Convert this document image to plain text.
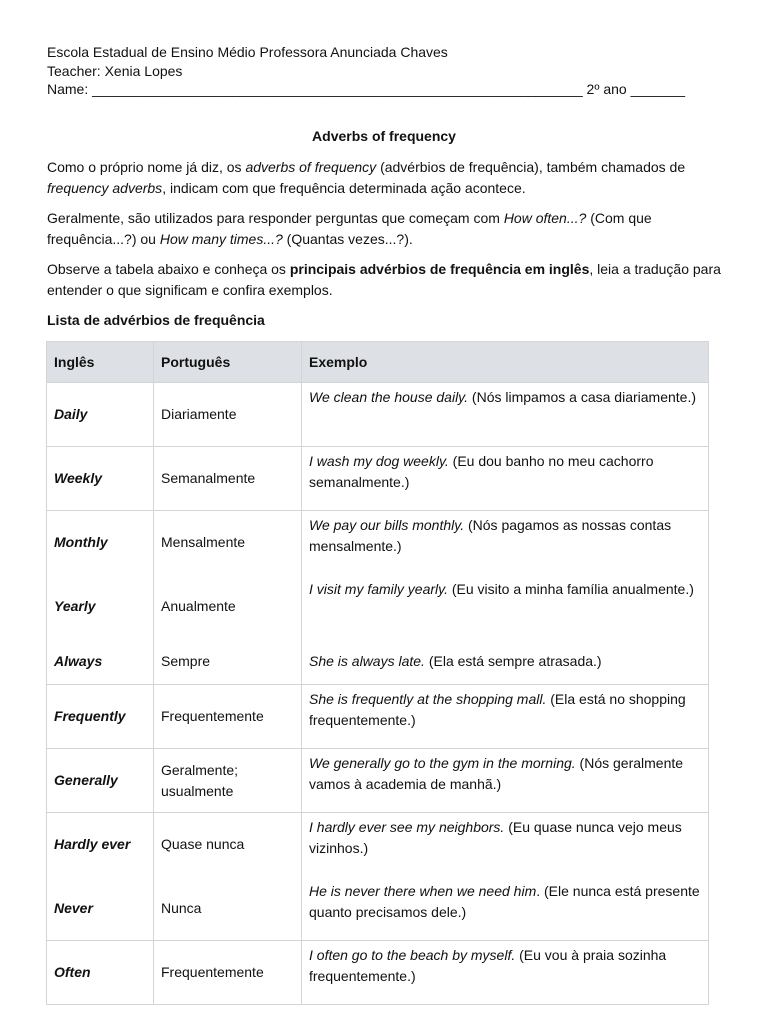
Escola Estadual de Ensino Médio Professora Anunciada Chaves
Teacher: Xenia Lopes
Name: _______________________________________________________________ 2º ano _______
Adverbs of frequency
Como o próprio nome já diz, os adverbs of frequency (advérbios de frequência), também chamados de frequency adverbs, indicam com que frequência determinada ação acontece.
Geralmente, são utilizados para responder perguntas que começam com How often...? (Com que frequência...?) ou How many times...? (Quantas vezes...?).
Observe a tabela abaixo e conheça os principais advérbios de frequência em inglês, leia a tradução para entender o que significam e confira exemplos.
Lista de advérbios de frequência
Inglês	Português	Exemplo
Daily	Diariamente	We clean the house daily. (Nós limpamos a casa diariamente.)
Weekly	Semanalmente	I wash my dog weekly. (Eu dou banho no meu cachorro semanalmente.)
Monthly	Mensalmente	We pay our bills monthly. (Nós pagamos as nossas contas mensalmente.)
Yearly	Anualmente	I visit my family yearly. (Eu visito a minha família anualmente.)
Always	Sempre	She is always late. (Ela está sempre atrasada.)
Frequently	Frequentemente	She is frequently at the shopping mall. (Ela está no shopping frequentemente.)
Generally	Geralmente; usualmente	We generally go to the gym in the morning. (Nós geralmente vamos à academia de manhã.)
Hardly ever	Quase nunca	I hardly ever see my neighbors. (Eu quase nunca vejo meus vizinhos.)
Never	Nunca	He is never there when we need him. (Ele nunca está presente quanto precisamos dele.)
Often	Frequentemente	I often go to the beach by myself. (Eu vou à praia sozinha frequentemente.)
